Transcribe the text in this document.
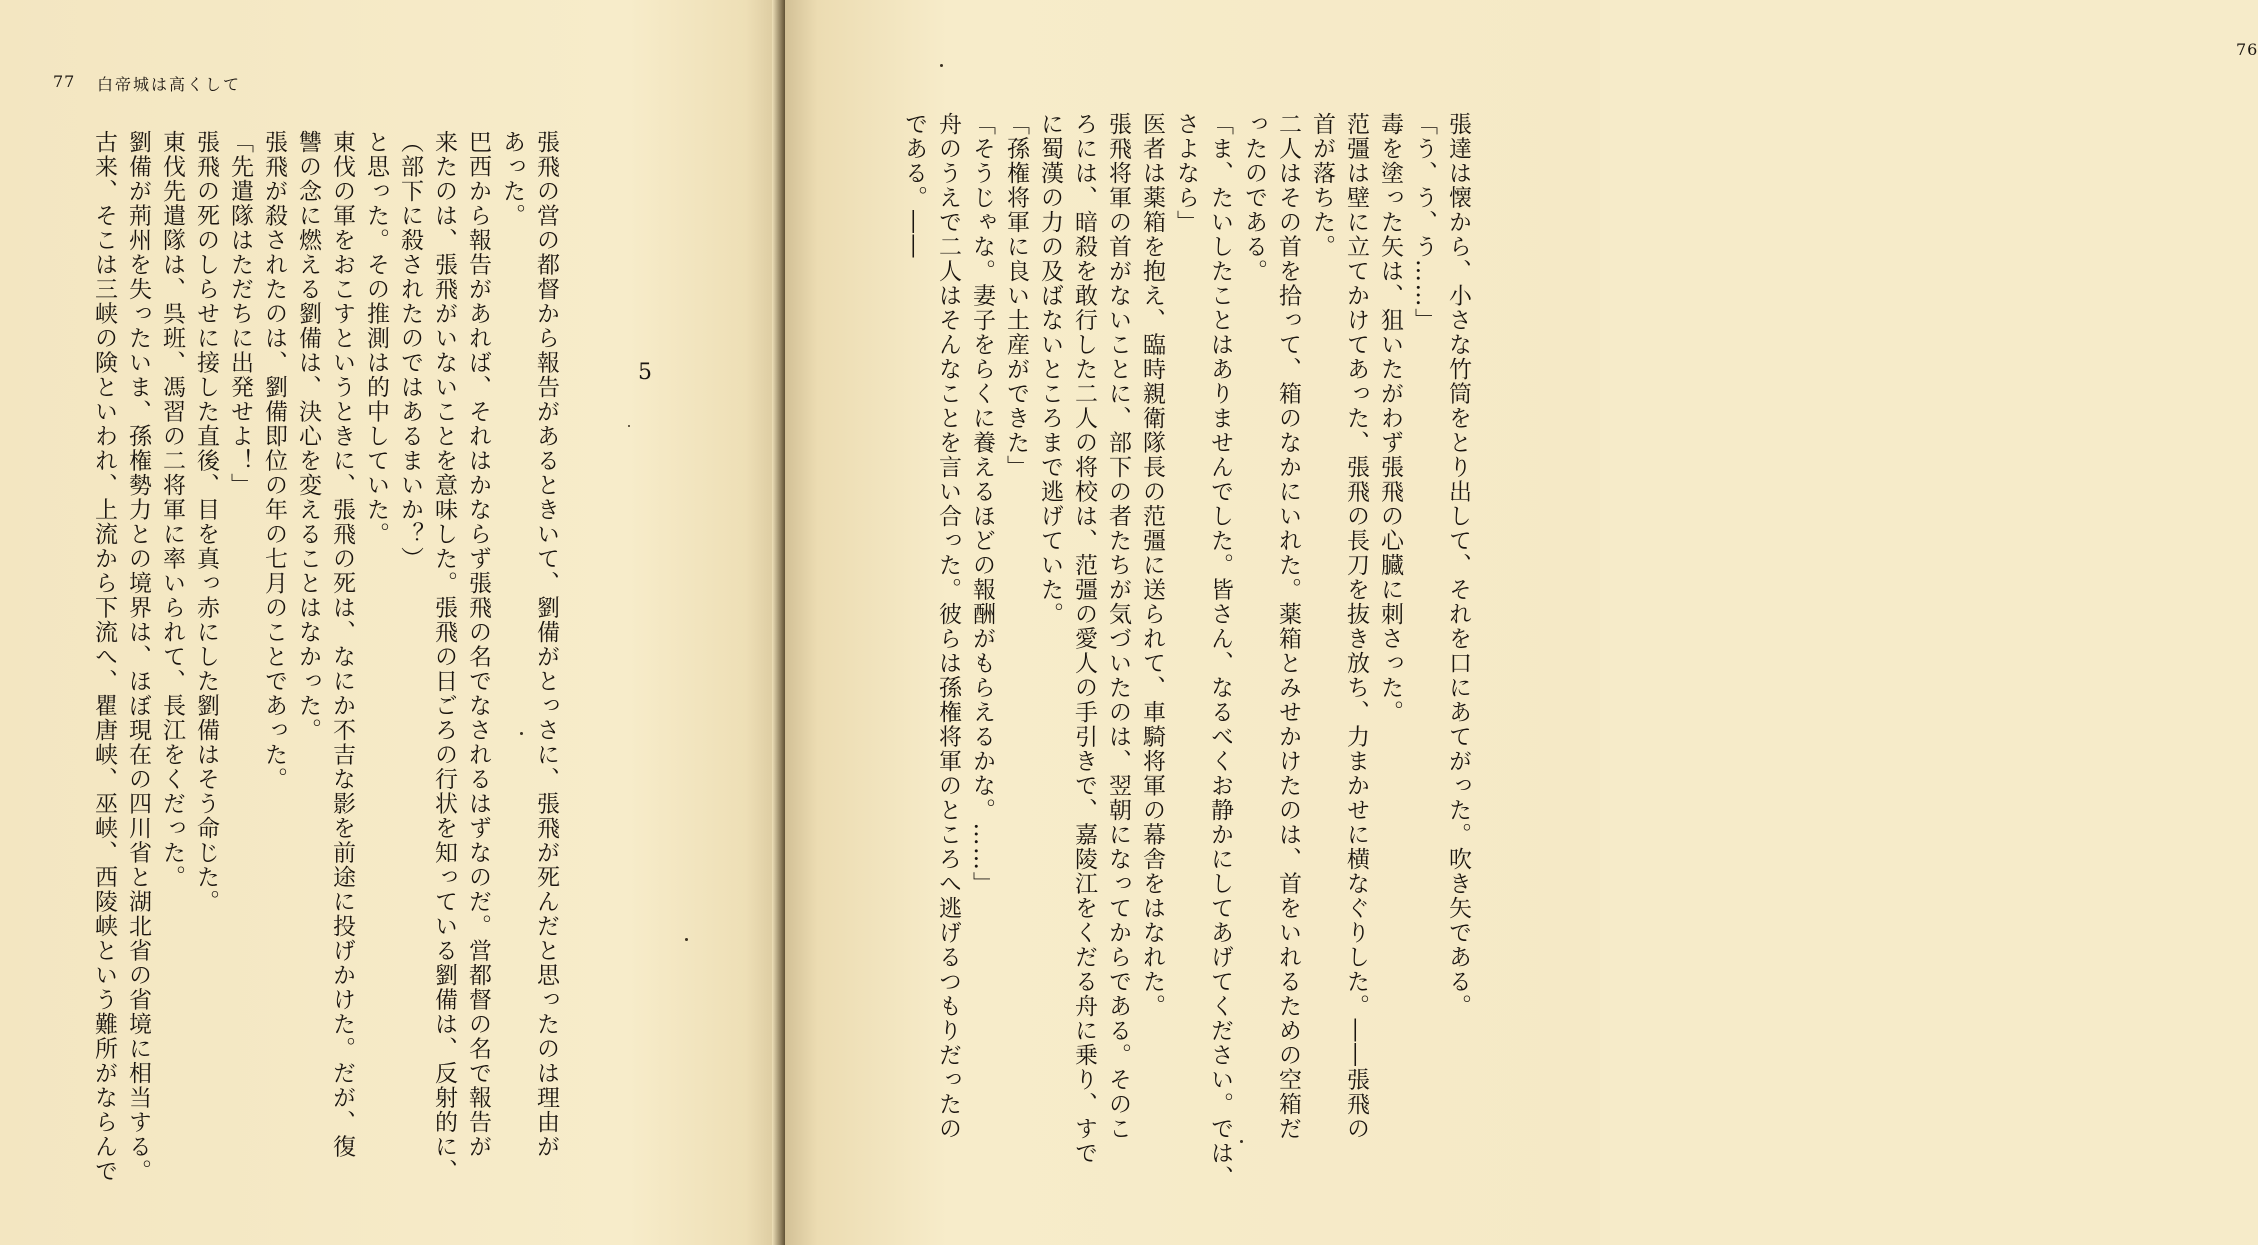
77 白帝城は高くして

張飛の営の都督から報告があるときいて、劉備がとっさに、張飛が死んだと思ったのは理由が

あった。

巴西から報告があれば、それはかならず張飛の名でなされるはずなのだ。営都督の名で報告が

来たのは、張飛がいないことを意味した。張飛の日ごろの行状を知っている劉備は、反射的に、

（部下に殺されたのではあるまいか？）

と思った。その推測は的中していた。

東伐の軍をおこすというときに、張飛の死は、なにか不吉な影を前途に投げかけた。だが、復

讐の念に燃える劉備は、決心を変えることはなかった。

張飛が殺されたのは、劉備即位の年の七月のことであった。

「先遣隊はただちに出発せよ！」

張飛の死のしらせに接した直後、目を真っ赤にした劉備はそう命じた。

東伐先遣隊は、呉班、馮習の二将軍に率いられて、長江をくだった。

劉備が荊州を失ったいま、孫権勢力との境界は、ほぼ現在の四川省と湖北省の省境に相当する。

古来、そこは三峡の険といわれ、上流から下流へ、瞿唐峡、巫峡、西陵峡という難所がならんで	5
76

張達は懐から、小さな竹筒をとり出して、それを口にあてがった。吹き矢である。

「う、う、う……」

毒を塗った矢は、狙いたがわず張飛の心臓に刺さった。

范彊は壁に立てかけてあった、張飛の長刀を抜き放ち、力まかせに横なぐりした。――張飛の

首が落ちた。

二人はその首を拾って、箱のなかにいれた。薬箱とみせかけたのは、首をいれるための空箱だ

ったのである。

「ま、たいしたことはありませんでした。皆さん、なるべくお静かにしてあげてください。では、

さよなら」

医者は薬箱を抱え、臨時親衛隊長の范彊に送られて、車騎将軍の幕舎をはなれた。

張飛将軍の首がないことに、部下の者たちが気づいたのは、翌朝になってからである。そのこ

ろには、暗殺を敢行した二人の将校は、范彊の愛人の手引きで、嘉陵江をくだる舟に乗り、すで

に蜀漢の力の及ばないところまで逃げていた。

「孫権将軍に良い土産ができた」

「そうじゃな。妻子をらくに養えるほどの報酬がもらえるかな。……」

舟のうえで二人はそんなことを言い合った。彼らは孫権将軍のところへ逃げるつもりだったの

である。――
